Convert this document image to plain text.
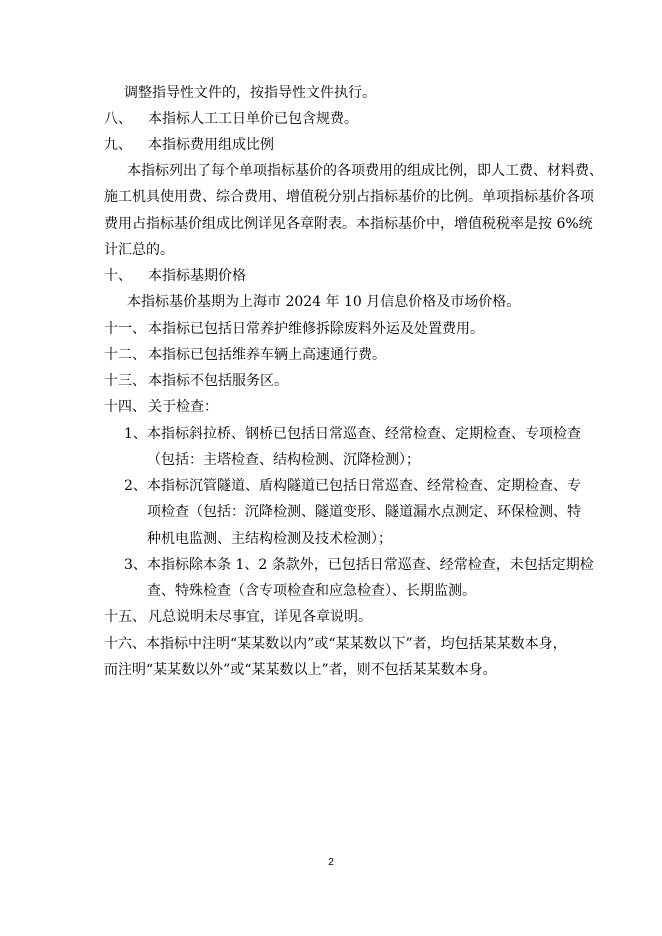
调整指导性文件的，按指导性文件执行。
八、 本指标人工工日单价已包含规费。
九、 本指标费用组成比例
本指标列出了每个单项指标基价的各项费用的组成比例，即人工费、材料费、
施工机具使用费、综合费用、增值税分别占指标基价的比例。单项指标基价各项
费用占指标基价组成比例详见各章附表。本指标基价中，增值税税率是按 6%统
计汇总的。
十、 本指标基期价格
本指标基价基期为上海市 2024 年 10 月信息价格及市场价格。
十一、 本指标已包括日常养护维修拆除废料外运及处置费用。
十二、 本指标已包括维养车辆上高速通行费。
十三、 本指标不包括服务区。
十四、 关于检查：
1、 本指标斜拉桥、钢桥已包括日常巡查、经常检查、定期检查、专项检查
（包括：主塔检查、结构检测、沉降检测）；
2、 本指标沉管隧道、盾构隧道已包括日常巡查、经常检查、定期检查、专
项检查（包括：沉降检测、隧道变形、隧道漏水点测定、环保检测、特
种机电监测、主结构检测及技术检测）；
3、 本指标除本条 1、2 条款外，已包括日常巡查、经常检查，未包括定期检
查、特殊检查（含专项检查和应急检查）、长期监测。
十五、 凡总说明未尽事宜，详见各章说明。
十六、本指标中注明“某某数以内”或“某某数以下”者，均包括某某数本身，
而注明“某某数以外”或“某某数以上”者，则不包括某某数本身。
2
